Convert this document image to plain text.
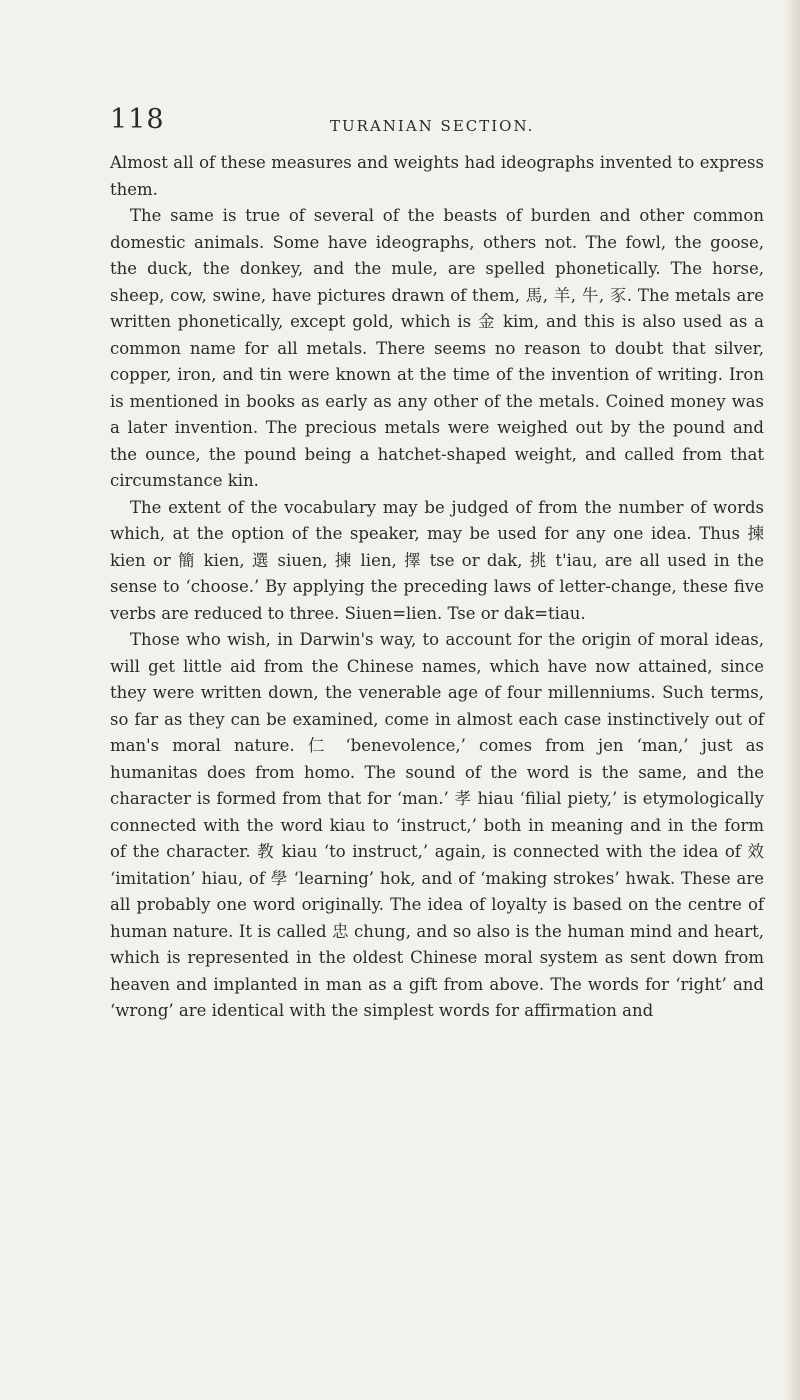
118	TURANIAN SECTION.

Almost all of these measures and weights had ideographs invented to express them.

The same is true of several of the beasts of burden and other common domestic animals. Some have ideographs, others not. The fowl, the goose, the duck, the donkey, and the mule, are spelled phonetically. The horse, sheep, cow, swine, have pictures drawn of them, 馬, 羊, 牛, 豕. The metals are written phonetically, except gold, which is 金 kim, and this is also used as a common name for all metals. There seems no reason to doubt that silver, copper, iron, and tin were known at the time of the invention of writing. Iron is mentioned in books as early as any other of the metals. Coined money was a later invention. The precious metals were weighed out by the pound and the ounce, the pound being a hatchet-shaped weight, and called from that circumstance kin.

The extent of the vocabulary may be judged of from the number of words which, at the option of the speaker, may be used for any one idea. Thus 揀 kien or 簡 kien, 選 siuen, 揀 lien, 擇 tse or dak, 挑 t'iau, are all used in the sense to ‘choose.’ By applying the preceding laws of letter-change, these five verbs are reduced to three. Siuen=lien. Tse or dak=tiau.

Those who wish, in Darwin's way, to account for the origin of moral ideas, will get little aid from the Chinese names, which have now attained, since they were written down, the venerable age of four millenniums. Such terms, so far as they can be examined, come in almost each case instinctively out of man's moral nature. 仁 ‘benevolence,’ comes from jen ‘man,’ just as humanitas does from homo. The sound of the word is the same, and the character is formed from that for ‘man.’ 孝 hiau ‘filial piety,’ is etymologically connected with the word kiau to ‘instruct,’ both in meaning and in the form of the character. 教 kiau ‘to instruct,’ again, is connected with the idea of 效 ‘imitation’ hiau, of 學 ‘learning’ hok, and of ‘making strokes’ hwak. These are all probably one word originally. The idea of loyalty is based on the centre of human nature. It is called 忠 chung, and so also is the human mind and heart, which is represented in the oldest Chinese moral system as sent down from heaven and implanted in man as a gift from above. The words for ‘right’ and ‘wrong’ are identical with the simplest words for affirmation and
